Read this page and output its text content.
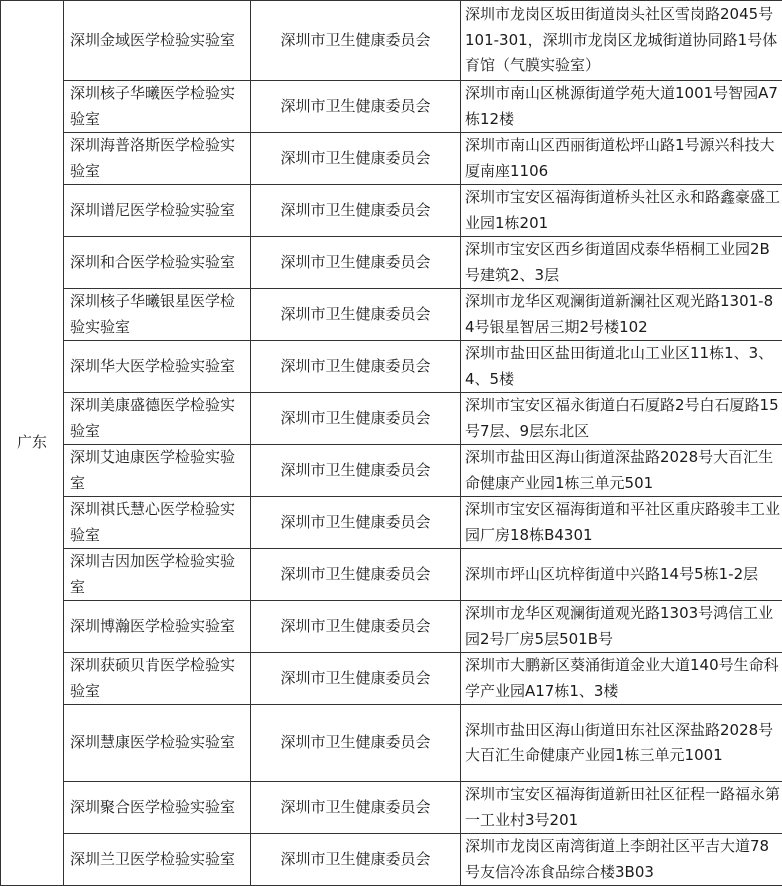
广东	深圳金域医学检验实验室	深圳市卫生健康委员会	深圳市龙岗区坂田街道岗头社区雪岗路2045号101-301，深圳市龙岗区龙城街道协同路1号体育馆（气膜实验室）
	深圳核子华曦医学检验实验室	深圳市卫生健康委员会	深圳市南山区桃源街道学苑大道1001号智园A7栋12楼
	深圳海普洛斯医学检验实验室	深圳市卫生健康委员会	深圳市南山区西丽街道松坪山路1号源兴科技大厦南座1106
	深圳谱尼医学检验实验室	深圳市卫生健康委员会	深圳市宝安区福海街道桥头社区永和路鑫豪盛工业园1栋201
	深圳和合医学检验实验室	深圳市卫生健康委员会	深圳市宝安区西乡街道固戍泰华梧桐工业园2B号建筑2、3层
	深圳核子华曦银星医学检验实验室	深圳市卫生健康委员会	深圳市龙华区观澜街道新澜社区观光路1301-84号银星智居三期2号楼102
	深圳华大医学检验实验室	深圳市卫生健康委员会	深圳市盐田区盐田街道北山工业区11栋1、3、4、5楼
	深圳美康盛德医学检验实验室	深圳市卫生健康委员会	深圳市宝安区福永街道白石厦路2号白石厦路15号7层、9层东北区
	深圳艾迪康医学检验实验室	深圳市卫生健康委员会	深圳市盐田区海山街道深盐路2028号大百汇生命健康产业园1栋三单元501
	深圳祺氏慧心医学检验实验室	深圳市卫生健康委员会	深圳市宝安区福海街道和平社区重庆路骏丰工业园厂房18栋B4301
	深圳吉因加医学检验实验室	深圳市卫生健康委员会	深圳市坪山区坑梓街道中兴路14号5栋1-2层
	深圳博瀚医学检验实验室	深圳市卫生健康委员会	深圳市龙华区观澜街道观光路1303号鸿信工业园2号厂房5层501B号
	深圳获硕贝肯医学检验实验室	深圳市卫生健康委员会	深圳市大鹏新区葵涌街道金业大道140号生命科学产业园A17栋1、3楼
	深圳慧康医学检验实验室	深圳市卫生健康委员会	深圳市盐田区海山街道田东社区深盐路2028号大百汇生命健康产业园1栋三单元1001
	深圳聚合医学检验实验室	深圳市卫生健康委员会	深圳市宝安区福海街道新田社区征程一路福永第一工业村3号201
	深圳兰卫医学检验实验室	深圳市卫生健康委员会	深圳市龙岗区南湾街道上李朗社区平吉大道78号友信冷冻食品综合楼3B03
